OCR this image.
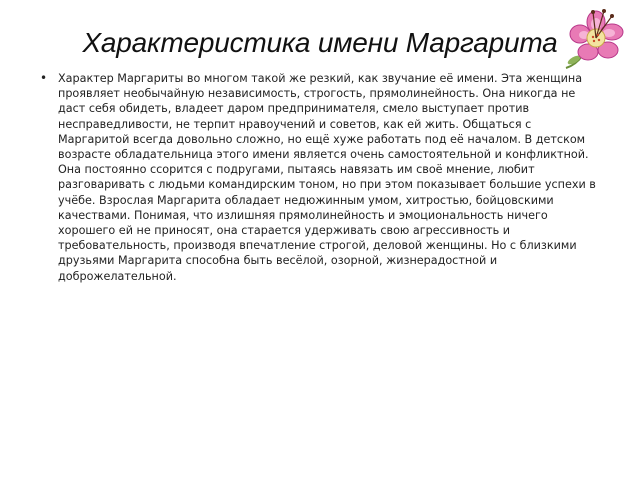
Характеристика имени Маргарита
• Характер Маргариты во многом такой же резкий, как звучание её имени. Эта женщина проявляет необычайную независимость, строгость, прямолинейность. Она никогда не даст себя обидеть, владеет даром предпринимателя, смело выступает против несправедливости, не терпит нравоучений и советов, как ей жить. Общаться с Маргаритой всегда довольно сложно, но ещё хуже работать под её началом. В детском возрасте обладательница этого имени является очень самостоятельной и конфликтной. Она постоянно ссорится с подругами, пытаясь навязать им своё мнение, любит разговаривать с людьми командирским тоном, но при этом показывает большие успехи в учёбе. Взрослая Маргарита обладает недюжинным умом, хитростью, бойцовскими качествами. Понимая, что излишняя прямолинейность и эмоциональность ничего хорошего ей не приносят, она старается удерживать свою агрессивность и требовательность, производя впечатление строгой, деловой женщины. Но с близкими друзьями Маргарита способна быть весёлой, озорной, жизнерадостной и доброжелательной.
